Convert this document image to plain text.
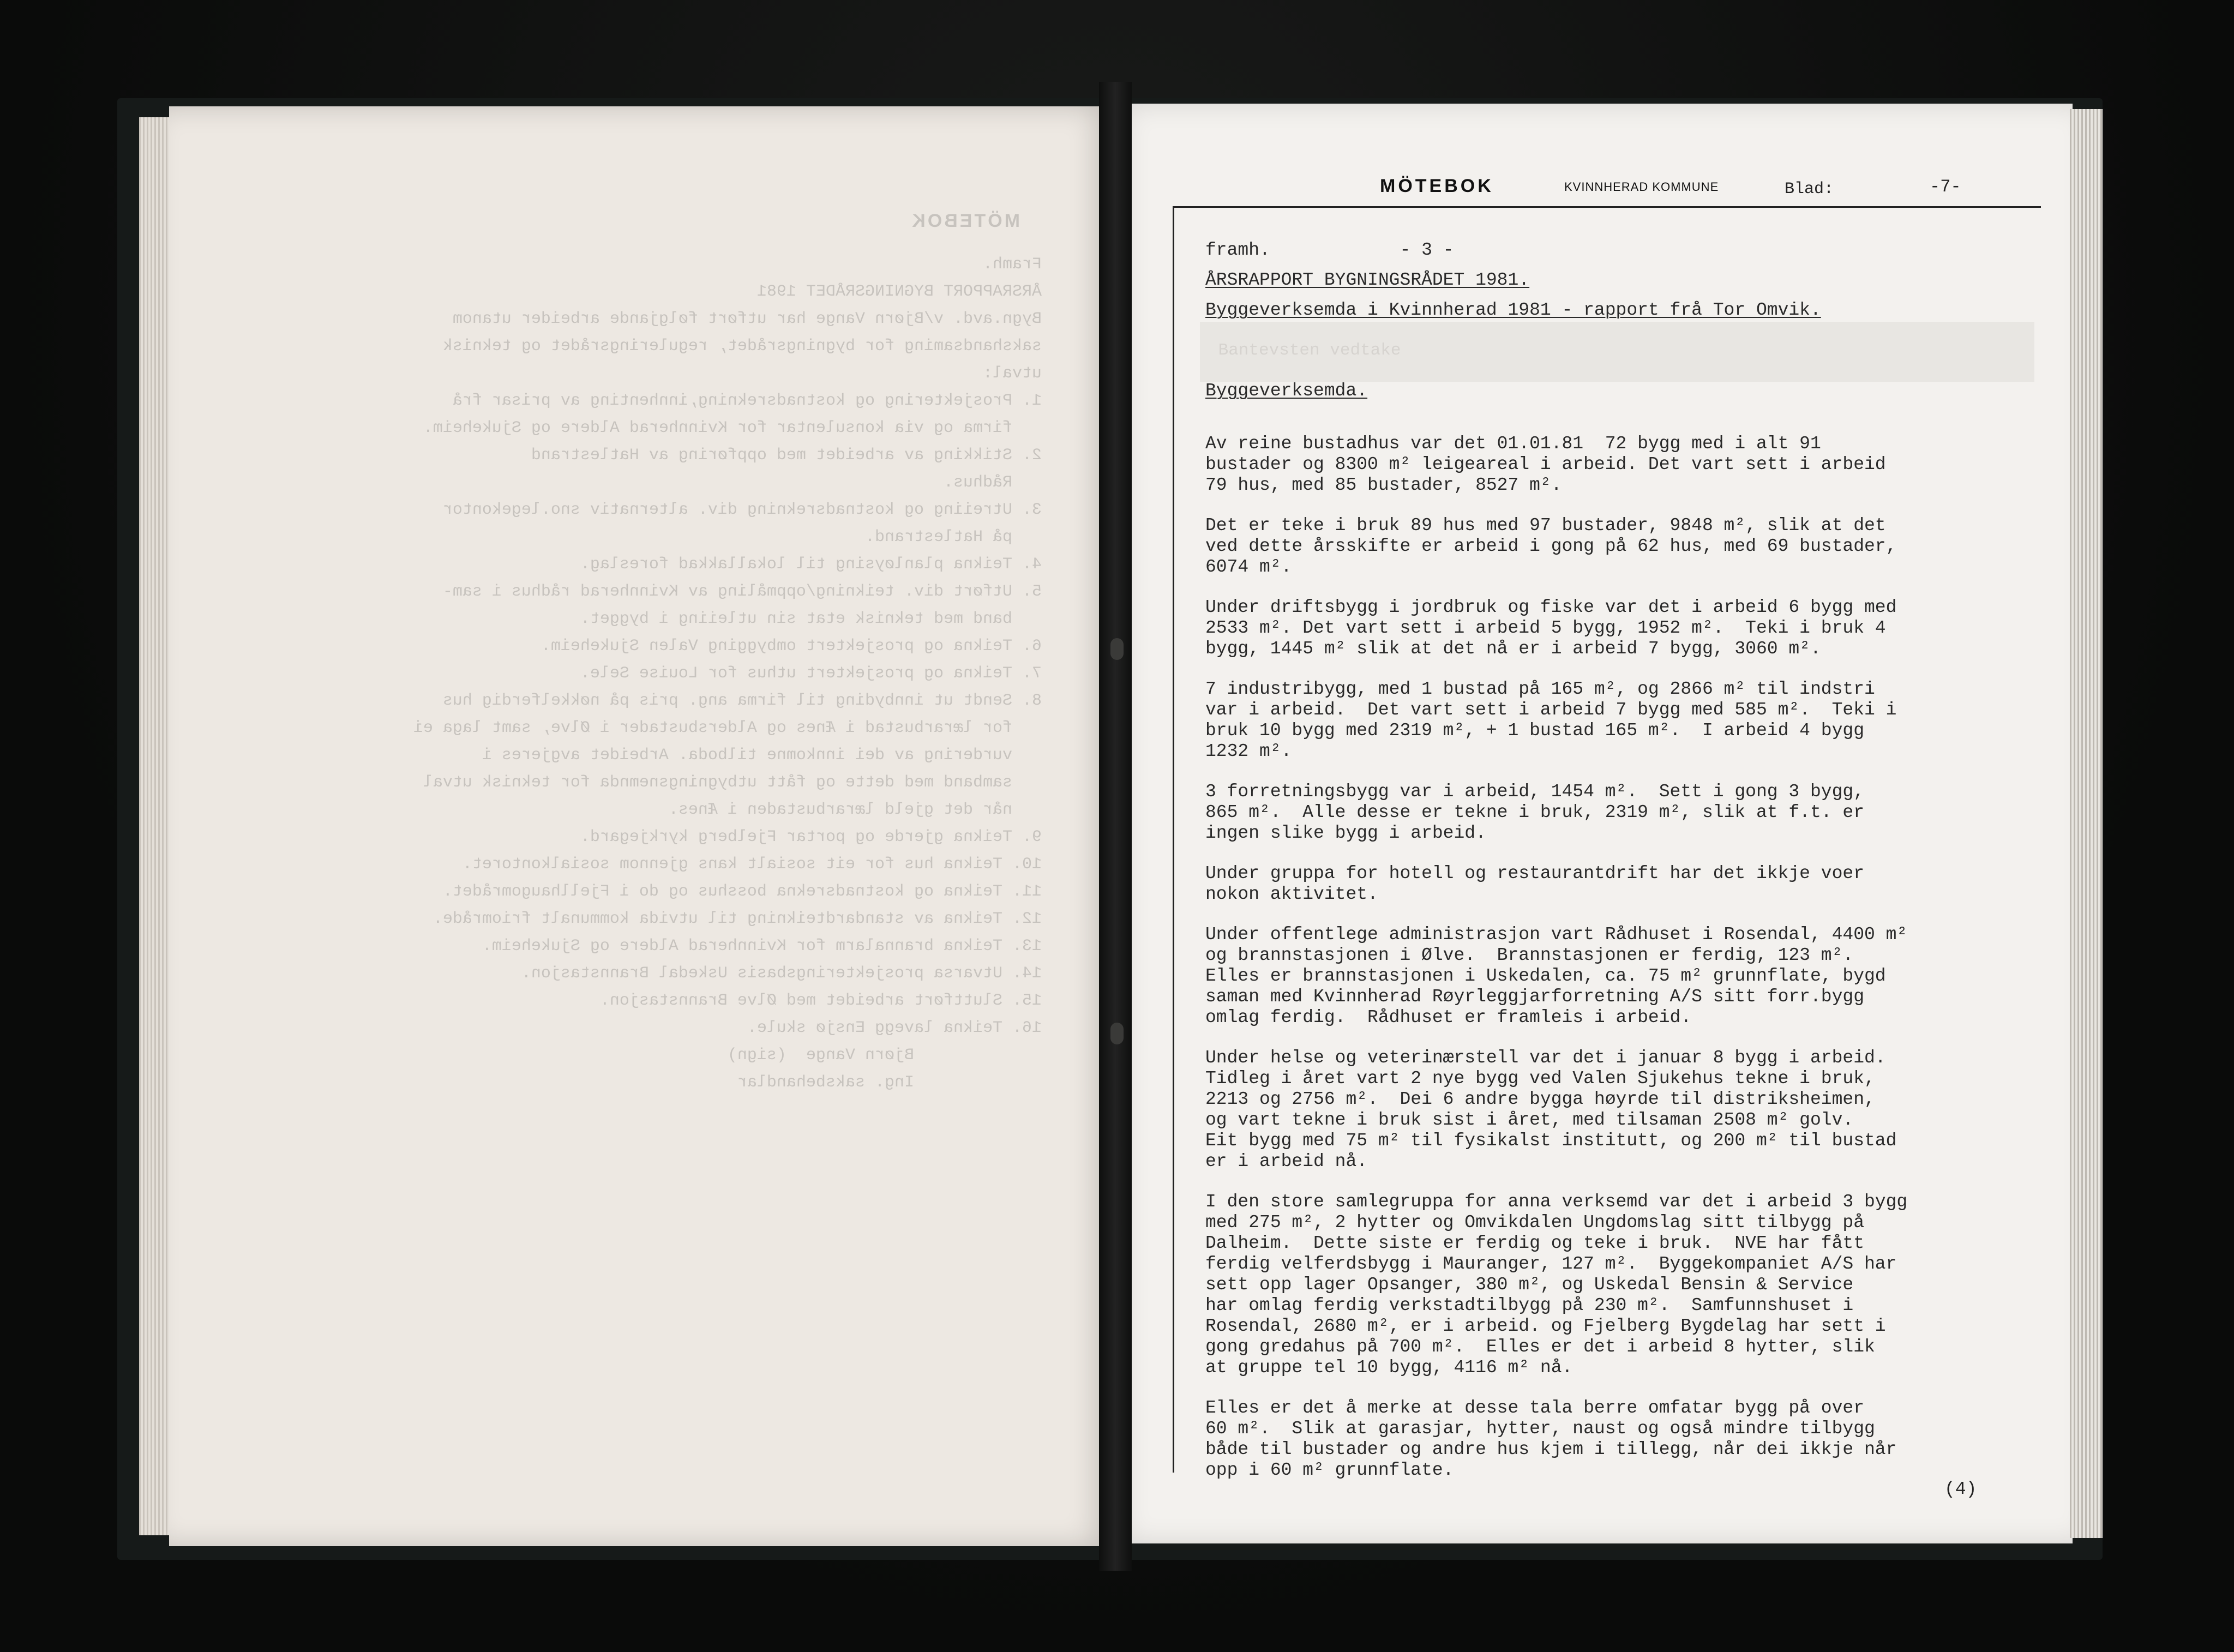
MÖTEBOK

Framh.
ÅRSRAPPORT BYGNINGSRÅDET 1981
Bygn.avd. v/Bjørn Vange har utført følgjande arbeider utanom
sakshandsaming for bygningsrådet, reguleringsrådet og teknisk
utval:
1. Prosjektering og kostnadsrekning,innhenting av prisar frå
firma og via konsulentar for Kvinnherad Aldere og Sjukeheim.
2. Stikking av arbeidet med oppføring av Hatlestrand
Rådhus.
3. Utreiing og kostnadsrekning div. alternativ sno.legekontor
på Hatlestrand.
4. Teikna planløysing til lokallakkad foreslag.
5. Utført div. teikning/oppmåling av Kvinnherad rådhus i sam-
band med teknisk etat sin utleiing i bygget.
6. Teikna og prosjektert ombygging Valen Sjukeheim.
7. Teikna og prosjektert uthus for Louise Sele.
8. Sendt ut innbyding til firma ang. pris på nøkkelferdig hus
for lærarbustad i Ænes og Aldersbustader i Ølve, samt laga ei
vurdering av dei innkomne tilboda. Arbeidet avgjeres i
samband med dette og fått utbygningsnemnda for teknisk utval
når det gjeld lærarbustaden i Ænes.
9. Teikna gjerde og portar Fjelberg kyrkjegard.
10. Teikna hus for eit sosialt kans gjennom sosialkontoret.
11. Teikna og kostnadsrekna bosshus og do i Fjellhaugområdet.
12. Teikna av standardteikning til utvida kommunalt friområde.
13. Teikna brannalarm for Kvinnherad Aldere og Sjukeheim.
14. Utvarsa prosjekteringsbasis Uskedal Brannstasjon.
15. Sluttført arbeidet med Ølve Brannstasjon.
16. Teikna lavegg Ensjø skule.
Bjørn Vange  (sign)
Ing. saksbehandlar

MÖTEBOK	KVINNHERAD KOMMUNE	Blad:	-7-
Bantevsten vedtake
framh.            - 3 -
ÅRSRAPPORT BYGNINGSRÅDET 1981.
Byggeverksemda i Kvinnherad 1981 - rapport frå Tor Omvik.
Byggeverksemda.
Av reine bustadhus var det 01.01.81  72 bygg med i alt 91
bustader og 8300 m² leigeareal i arbeid. Det vart sett i arbeid
79 hus, med 85 bustader, 8527 m².
Det er teke i bruk 89 hus med 97 bustader, 9848 m², slik at det
ved dette årsskifte er arbeid i gong på 62 hus, med 69 bustader,
6074 m².
Under driftsbygg i jordbruk og fiske var det i arbeid 6 bygg med
2533 m². Det vart sett i arbeid 5 bygg, 1952 m².  Teki i bruk 4
bygg, 1445 m² slik at det nå er i arbeid 7 bygg, 3060 m².
7 industribygg, med 1 bustad på 165 m², og 2866 m² til indstri
var i arbeid.  Det vart sett i arbeid 7 bygg med 585 m².  Teki i
bruk 10 bygg med 2319 m², + 1 bustad 165 m².  I arbeid 4 bygg
1232 m².
3 forretningsbygg var i arbeid, 1454 m².  Sett i gong 3 bygg,
865 m².  Alle desse er tekne i bruk, 2319 m², slik at f.t. er
ingen slike bygg i arbeid.
Under gruppa for hotell og restaurantdrift har det ikkje voer
nokon aktivitet.
Under offentlege administrasjon vart Rådhuset i Rosendal, 4400 m²
og brannstasjonen i Ølve.  Brannstasjonen er ferdig, 123 m².
Elles er brannstasjonen i Uskedalen, ca. 75 m² grunnflate, bygd
saman med Kvinnherad Røyrleggjarforretning A/S sitt forr.bygg
omlag ferdig.  Rådhuset er framleis i arbeid.
Under helse og veterinærstell var det i januar 8 bygg i arbeid.
Tidleg i året vart 2 nye bygg ved Valen Sjukehus tekne i bruk,
2213 og 2756 m².  Dei 6 andre bygga høyrde til distriksheimen,
og vart tekne i bruk sist i året, med tilsaman 2508 m² golv.
Eit bygg med 75 m² til fysikalst institutt, og 200 m² til bustad
er i arbeid nå.
I den store samlegruppa for anna verksemd var det i arbeid 3 bygg
med 275 m², 2 hytter og Omvikdalen Ungdomslag sitt tilbygg på
Dalheim.  Dette siste er ferdig og teke i bruk.  NVE har fått
ferdig velferdsbygg i Mauranger, 127 m².  Byggekompaniet A/S har
sett opp lager Opsanger, 380 m², og Uskedal Bensin & Service
har omlag ferdig verkstadtilbygg på 230 m².  Samfunnshuset i
Rosendal, 2680 m², er i arbeid. og Fjelberg Bygdelag har sett i
gong gredahus på 700 m².  Elles er det i arbeid 8 hytter, slik
at gruppe tel 10 bygg, 4116 m² nå.
Elles er det å merke at desse tala berre omfatar bygg på over
60 m².  Slik at garasjar, hytter, naust og også mindre tilbygg
både til bustader og andre hus kjem i tillegg, når dei ikkje når
opp i 60 m² grunnflate.
(4)
